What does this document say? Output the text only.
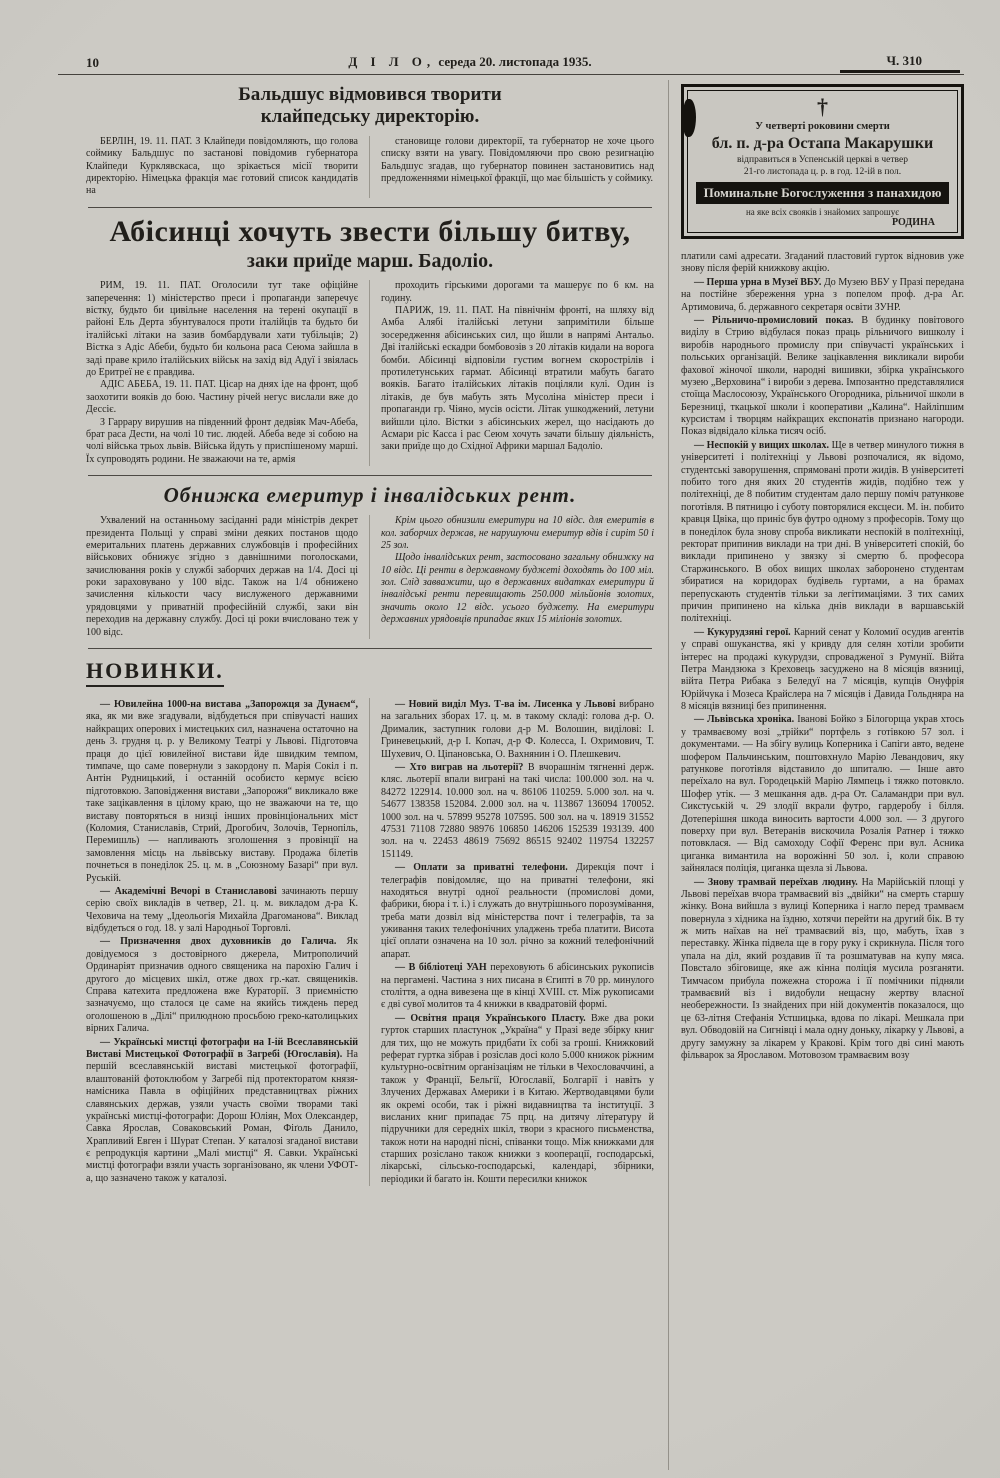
10	Д І Л О, середа 20. листопада 1935.	Ч. 310
Бальдшус відмовився творити
клайпедську директорію.

БЕРЛІН, 19. 11. ПАТ. З Клайпеди повідомляють, що голова соймику Бальдшус по застанові повідомив губернатора Клайпеди Курклявскаса, що зрікається місії творити директорію. Німецька фракція має готовий список кандидатів на

становище голови директорії, та губернатор не хоче цього списку взяти на увагу. Повідомляючи про свою резигнацію Бальдшус згадав, що губернатор повинен застановитись над предложеннями німецької фракції, що має більшість у соймику.

Абісинці хочуть звести більшу битву,
заки приїде марш. Бадоліо.

РИМ, 19. 11. ПАТ. Оголосили тут таке офіційне заперечення: 1) міністерство преси і пропаганди заперечує вістку, будьто би цивільне населення на терені окупації в районі Ель Дерта збунтувалося проти італійців та будьто би італійські літаки на зазив бомбардували хати тубільців; 2) Вістка з Адіс Абеби, будьто би кольона раса Сеюма зайшла в заді праве крило італійських військ на захід від Адуї і звіялась до Еритреї не є правдива.

АДІС АБЕБА, 19. 11. ПАТ. Цісар на днях іде на фронт, щоб заохотити вояків до бою. Частину річей негус вислали вже до Дессіє.

З Гаррару вирушив на південний фронт дедвіяк Мач-Абеба, брат раса Дести, на чолі 10 тис. людей. Абеба веде зі собою на чолі війська трьох львів. Війська йдуть у приспішеному марші. Їх супроводять родини. Не зважаючи на те, армія

проходить гірськими дорогами та машерує по 6 км. на годину.

ПАРИЖ, 19. 11. ПАТ. На північнім фронті, на шляху від Амба Алябі італійські летуни запримітили більше зосередження абісинських сил, що йшли в напрямі Антальо. Дві італійські ескадри бомбовозів з 20 літаків кидали на ворога бомби. Абісинці відповіли густим вогнем скорострілів і протилетунських гармат. Абісинці втратили мабуть багато вояків. Багато італійських літаків поціляли кулі. Один із літаків, де був мабуть зять Мусоліна міністер преси і пропаганди гр. Чіяно, мусів осісти. Літак ушкоджений, летуни вийшли ціло. Вістки з абісинських жерел, що насідають до Асмари ріс Касса і рас Сеюм хочуть зачати більшу діяльність, заки приїде що до Східної Африки маршал Бадоліо.

Обнижка емеритур і інвалідських рент.

Ухвалений на останньому засіданні ради міністрів декрет президента Польщі у справі зміни деяких постанов щодо емеритальних платень державних службовців і професійних військових обнижує згідно з давнішними поголосками, зачислювання років у службі заборчих держав на 1/4. Досі ці роки зараховувано у 100 відс. Також на 1/4 обнижено зачислення кількости часу вислуженого державними урядовцями у приватній професійній службі, заки він переходив на державну службу. Досі ці роки вчисловано теж у 100 відс.

Крім цього обнизили емеритури на 10 відс. для емеритів в кол. заборчих держав, не нарушуючи емеритур вдів і сиріт 50 і 25 зол.

Щодо інвалідських рент, застосовано загальну обнижку на 10 відс. Ці ренти в державному буджеті доходять до 100 міл. зол. Слід завважити, що в державних видатках емеритури й інвалідські ренти перевищають 250.000 мільйонів золотих, значить около 12 відс. усього буджету. На емеритури державних урядовців припадає яких 15 міліонів золотих.

НОВИНКИ.

— Ювилейна 1000-на вистава „Запорожця за Дунаєм“,яка, як ми вже згадували, відбудеться при співучасті наших найкращих оперових і мистецьких сил, назначена остаточно на день 3. грудня ц. р. у Великому Театрі у Львові. Підготовча праця до цієї ювилейної вистави йде швидким темпом, тимпаче, що саме повернули з закордону п. Марія Сокіл і п. Антін Рудницький, і останній особисто кермує всією підготовкою. Заповідження вистави „Запорожя“ викликало вже таке зацікавлення в цілому краю, що не зважаючи на те, що виставу повторяться в низці інших провінціональних міст (Коломия, Станиславів, Стрий, Дрогобич, Золочів, Тернопіль, Перемишль) — напливають зголошення з провінції на замовлення місць на львівську виставу. Продажа білетів почнеться в понеділок 25. ц. м. в „Союзному Базарі“ при вул. Руській.

— Академічні Вечорі в Станиславові зачинають першу серію своїх викладів в четвер, 21. ц. м. викладом д-ра К. Чеховича на тему „Ідеольогія Михайла Драгоманова“. Виклад відбудеться о год. 18. у залі Народньої Торговлі.

— Призначення двох духовників до Галича. Як довідуємося з достовірного джерела, Митрополичий Ординаріят призначив одного священика на парохію Галич і другого до місцевих шкіл, отже двох гр.-кат. священиків. Справа катехита предложена вже Кураторії. З приємністю зазначуємо, що сталося це саме на якийсь тиждень перед оголошеною в „Ділі“ прилюдною просьбою греко-католицьких вірних Галича.

— Українські мистці фотографи на І-ій Всеславянській Виставі Мистецької Фотографії в Загребі (Югославія). На першій всеславянській виставі мистецької фотографії, влаштованій фотоклюбом у Загребі під протекторатом князя-намісника Павла в офіційних представництвах ріжних славянських держав, узяли участь своїми творами такі українські мистці-фотографи: Дорош Юліян, Мох Олександер, Савка Ярослав, Соваковський Роман, Фіґоль Данило, Храпливий Евген і Шурат Степан. У каталозі згаданої вистави є репродукція картини „Малі мистці“ Я. Савки. Українські мистці фотографи взяли участь зорганізовано, як члени УФОТ-а, що зазначено також у каталозі.

— Новий виділ Муз. Т-ва ім. Лисенка у Львові вибрано на загальних зборах 17. ц. м. в такому складі: голова д-р. О. Дрималик, заступник голови д-р М. Волошин, виділові: І. Гриневецький, д-р І. Копач, д-р Ф. Колесса, І. Охримович, Т. Шухевич, О. Ціпановська, О. Вахнянин і О. Плешкевич.

— Хто виграв на льотерії? В вчорашнім тягненні держ. кляс. льотерії впали виграні на такі числа: 100.000 зол. на ч. 84272 122914. 10.000 зол. на ч. 86106 110259. 5.000 зол. на ч. 54677 138358 152084. 2.000 зол. на ч. 113867 136094 170052. 1000 зол. на ч. 57899 95278 107595. 500 зол. на ч. 18919 31552 47531 71108 72880 98976 106850 146206 152539 193139. 400 зол. на ч. 22453 48619 75692 86515 92402 119754 132257 151149.

— Оплати за приватні телефони. Дирекція почт і телеграфів повідомляє, що на приватні телефони, які находяться внутрі одної реальности (промислові доми, фабрики, бюра і т. і.) і служать до внутрішнього порозумівання, треба мати дозвіл від міністерства почт і телеграфів, та за уживання таких телефонічних уладжень треба платити. Висота цієї оплати означена на 10 зол. річно за кожний телефонічний апарат.

— В бібліотеці УАН переховують 6 абісинських рукописів на пергамені. Частина з них писана в Єгипті в 70 рр. минулого століття, а одна вивезена ще в кінці XVIII. ст. Між рукописами є дві сувої молитов та 4 книжки в квадратовій формі.

— Освітня праця Українського Пласту. Вже два роки гурток старших пластунок „Україна“ у Празі веде збірку книг для тих, що не можуть придбати їх собі за гроші. Книжковий реферат гуртка зібрав і розіслав досі коло 5.000 книжок ріжним культурно-освітним організаціям не тільки в Чехословаччині, а також у Франції, Бельгії, Югославії, Болгарії і навіть у Злучених Державах Америки і в Китаю. Жертводавцями були як окремі особи, так і ріжні видавництва та інституції. З висланих книг припадає 75 прц. на дитячу літературу й підручники для середніх шкіл, твори з красного письменства, також ноти на народні пісні, співанки тощо. Між книжками для старших розіслано також книжки з кооперації, господарські, лікарські, сільсько-господарські, календарі, збірники, періодики й багато ін. Кошти пересилки книжок

†
У четверті роковини смерти
бл. п. д-ра Остапа Макарушки
відправиться в Успенській церкві в четвер
21-го листопада ц. р. в год. 12-ій в пол.
Поминальне Богослуження з панахидою
на яке всіх свояків і знайомих запрошує
РОДИНА

платили самі адресати. Згаданий пластовий гурток відновив уже знову після ферій книжкову акцію.

— Перша урна в Музеї ВБУ. До Музею ВБУ у Празі передана на постійне збереження урна з попелом проф. д-ра Аг. Артимовича, б. державного секретаря освіти ЗУНР.

— Рільничо-промисловий показ. В будинку повітового виділу в Стрию відбулася показ праць рільничого вишколу і виробів народнього промислу при співучасті українських і польських організацій. Велике зацікавлення викликали вироби фахової жіночої школи, народні вишивки, збірка українського музею „Верховина“ і вироби з дерева. Імпозантно представлялися стоїща Маслосоюзу, Українського Огородника, рільничої школи в Березниці, ткацької школи і кооперативи „Калина“. Найліпшим курсистам і творцям найкращих експонатів признано нагороди. Показ відвідало кілька тисяч осіб.

— Неспокій у вищих школах. Ще в четвер минулого тижня в університеті і політехніці у Львові розпочалися, як відомо, студентські заворушення, спрямовані проти жидів. В університеті побито того дня яких 20 студентів жидів, подібно теж у політехніці, де 8 побитим студентам дало першу поміч ратункове поготівля. В пятницю і суботу повторялися ексцеси. М. ін. побито кравця Цвіка, що приніс був футро одному з професорів. Тому що в понеділок була знову спроба викликати неспокій в політехніці, ректорат припинив виклади на три дні. В університеті спокій, бо виклади припинено у звязку зі смертю б. професора Старжинського. В обох вищих школах заборонено студентам збиратися на коридорах будівель гуртами, а на брамах перепускають студентів тільки за легітимаціями. З тих самих причин припинено на кілька днів виклади в варшавській політехніці.

— Кукурудзяні герої. Карний сенат у Коломиї осудив агентів у справі ошуканства, які у кривду для селян хотіли зробити інтерес на продажі кукурудзи, спровадженої з Румунії. Війта Петра Мандзюка з Креховець засуджено на 8 місяців вязниці, війта Петра Рибака з Беледуї на 7 місяців, купців Онуфрія Юрійчука і Мозеса Крайслера на 7 місяців і Давида Гольдняра на 8 місяців вязниці без припинення.

— Львівська хроніка. Іванові Бойко з Білогорща украв хтось у трамваєвому возі „трійки“ портфель з готівкою 57 зол. і документами. — На збігу вулиць Коперника і Сапіги авто, ведене шофером Пальчинським, поштовхнуло Марію Левандович, яку ратункове поготівля відставило до шпиталю. — Інше авто переїхало на вул. Городецькій Марію Лямпець і тяжко потовкло. Шофер утік. — З мешкання адв. д-ра От. Саламандри при вул. Сикстуській ч. 29 злодії вкрали футро, гардеробу і білля. Дотеперішня шкода виносить вартости 4.000 зол. — З другого поверху при вул. Ветеранів вискочила Розалія Ратнер і тяжко потовклася. — Від самоходу Софії Ференс при вул. Асника циганка вимантила на ворожінні 50 зол. і, коли справою зайнялася поліція, циганка щезла зі Львова.

— Знову трамвай переїхав людину. На Марійській площі у Львові переїхав вчора трамваєвий віз „двійки“ на смерть старшу жінку. Вона вийшла з вулиці Коперника і нагло перед трамваєм повернула з хідника на їздню, хотячи перейти на другий бік. В ту ж мить наїхав на неї трамваєвий віз, що, мабуть, їхав з переставку. Жінка підвела ще в гору руку і скрикнула. Після того упала на діл, який роздавив її та розшматував на купу мяса. Повстало збіговище, яке аж кінна поліція мусила розганяти. Тимчасом прибула пожежна сторожа і її помічники підняли трамваєвий віз і видобули нещасну жертву власної необережности. Із знайдених при ній документів показалося, що це 63-літня Стефанія Устшицька, вдова по лікарі. Мешкала при вул. Обводовій на Сигнівці і мала одну доньку, лікарку у Львові, а другу замужну за лікарем у Кракові. Крім того дві сині мають фільварок за Ярославом. Мотовозом трамваєвим возу
